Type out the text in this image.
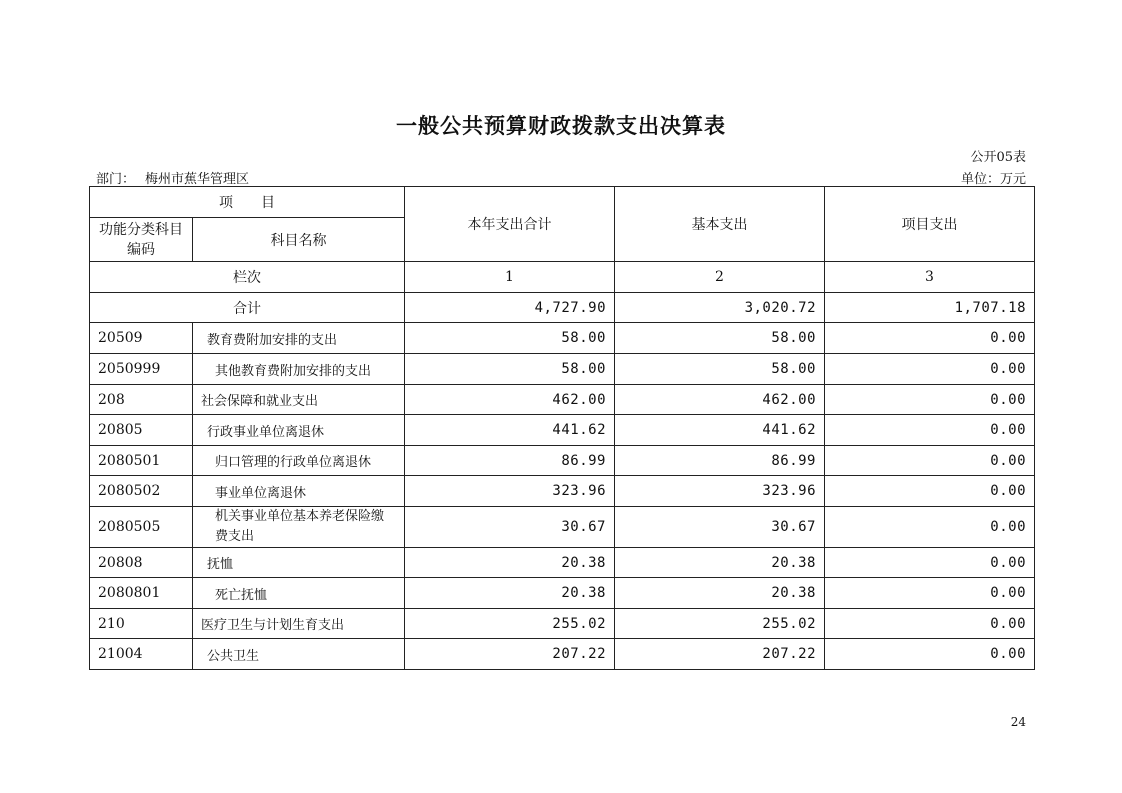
一般公共预算财政拨款支出决算表
公开05表
部门： 梅州市蕉华管理区	单位：万元
项　　目		本年支出合计	基本支出	项目支出
功能分类科目编码	科目名称			
栏次		1	2	3
合计		4,727.90	3,020.72	1,707.18
20509	教育费附加安排的支出	58.00	58.00	0.00
2050999	其他教育费附加安排的支出	58.00	58.00	0.00
208	社会保障和就业支出	462.00	462.00	0.00
20805	行政事业单位离退休	441.62	441.62	0.00
2080501	归口管理的行政单位离退休	86.99	86.99	0.00
2080502	事业单位离退休	323.96	323.96	0.00
2080505	机关事业单位基本养老保险缴费支出	30.67	30.67	0.00
20808	抚恤	20.38	20.38	0.00
2080801	死亡抚恤	20.38	20.38	0.00
210	医疗卫生与计划生育支出	255.02	255.02	0.00
21004	公共卫生	207.22	207.22	0.00
24
